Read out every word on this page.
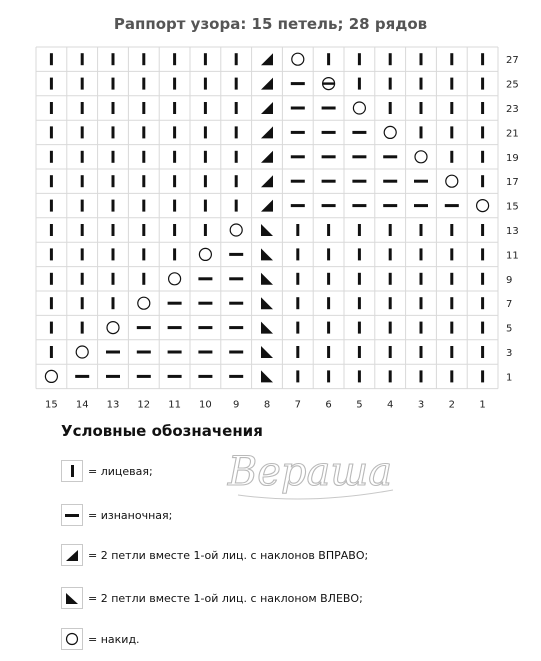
Раппорт узора: 15 петель; 28 рядов
27
25
23
21
19
17
15
13
11
9
7
5
3
1
15 14 13 12 11 10 9 8 7 6 5 4 3 2 1
Условные обозначения
= лицевая;
= изнаночная;
= 2 петли вместе 1-ой лиц. с наклонов ВПРАВО;
= 2 петли вместе 1-ой лиц. с наклоном ВЛЕВО;
= накид.
Вераша
